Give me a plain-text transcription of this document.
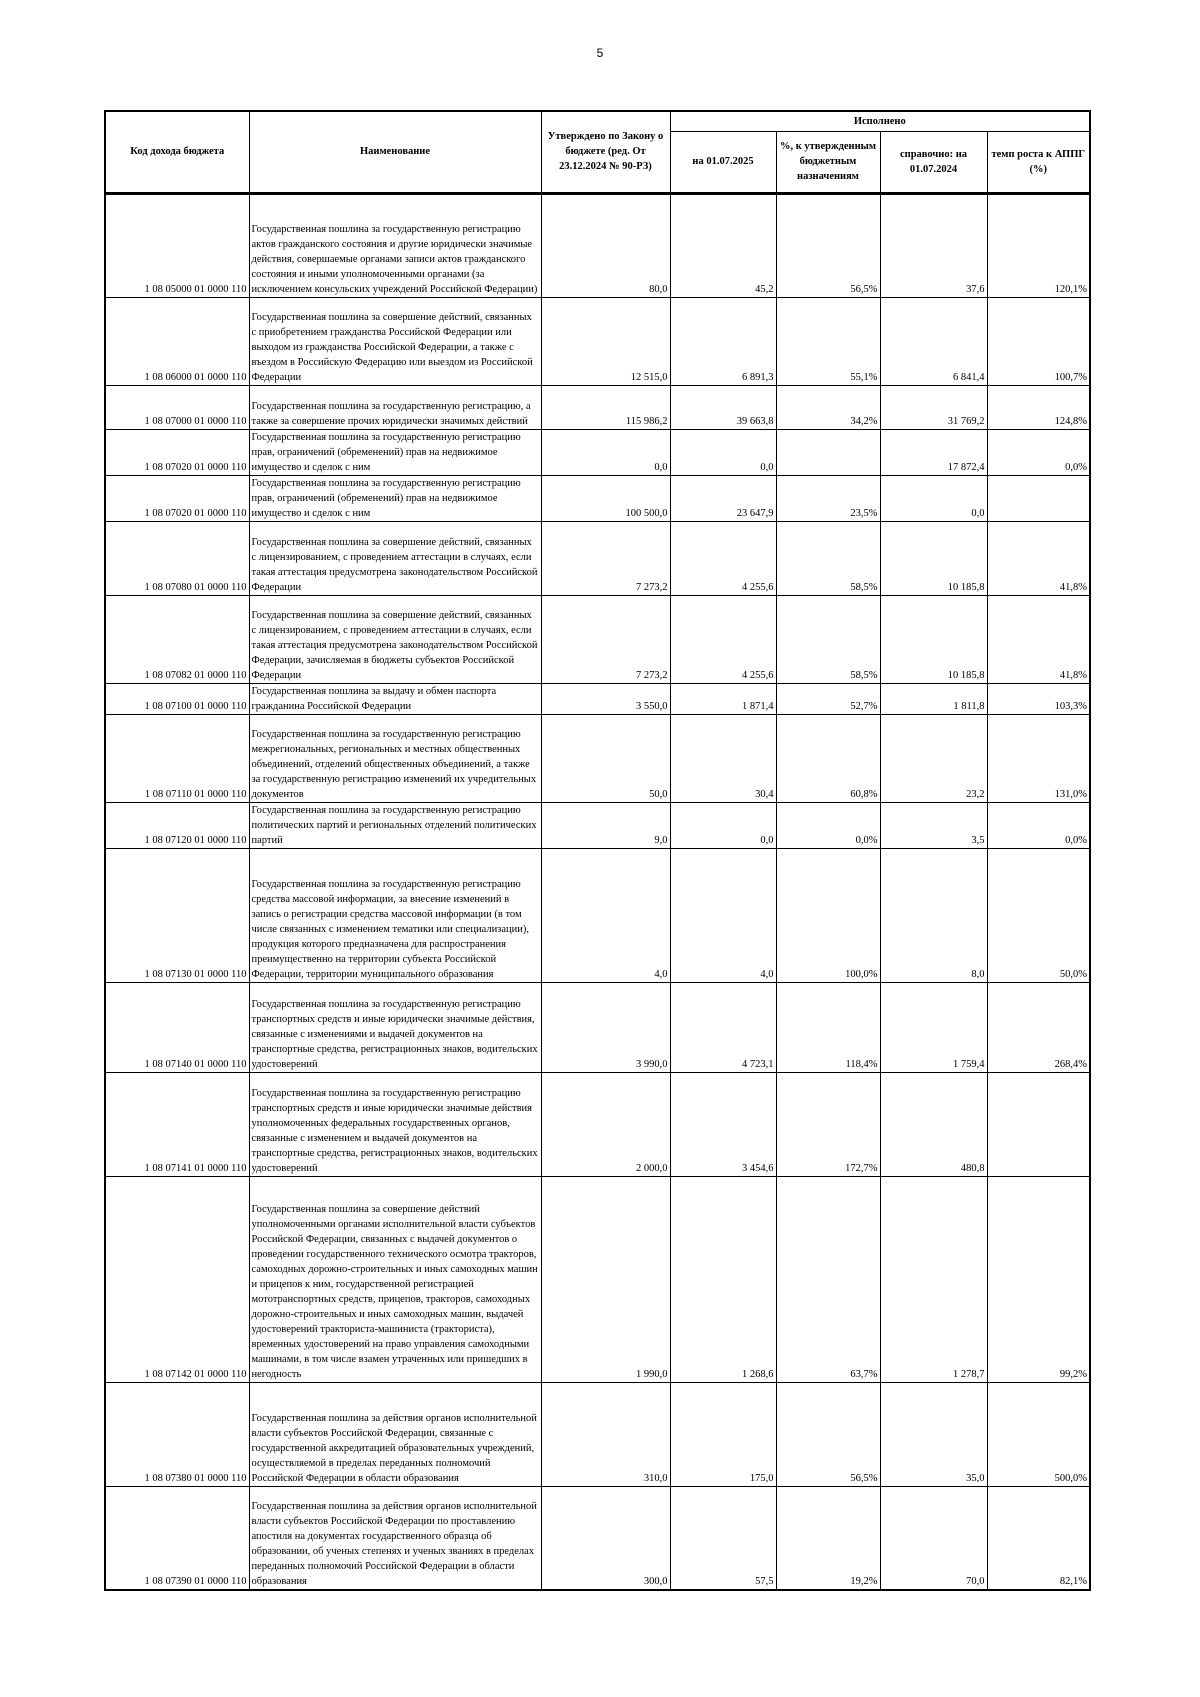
5
Код дохода бюджета	Наименование	Утверждено по Закону о бюджете (ред. От 23.12.2024 № 90-РЗ)	Исполнено			
			на 01.07.2025	%, к утвержденным бюджетным назначениям	справочно: на 01.07.2024	темп роста к АППГ (%)
1 08 05000 01 0000 110	Государственная пошлина за государственную регистрацию актов гражданского состояния и другие юридически значимые действия, совершаемые органами записи актов гражданского состояния и иными уполномоченными органами (за исключением консульских учреждений Российской Федерации)	80,0	45,2	56,5%	37,6	120,1%
1 08 06000 01 0000 110	Государственная пошлина за совершение действий, связанных с приобретением гражданства Российской Федерации или выходом из гражданства Российской Федерации, а также с въездом в Российскую Федерацию или выездом из Российской Федерации	12 515,0	6 891,3	55,1%	6 841,4	100,7%
1 08 07000 01 0000 110	Государственная пошлина за государственную регистрацию, а также за совершение прочих юридически значимых действий	115 986,2	39 663,8	34,2%	31 769,2	124,8%
1 08 07020 01 0000 110	Государственная пошлина за государственную регистрацию прав, ограничений (обременений) прав на недвижимое имущество и сделок с ним	0,0	0,0		17 872,4	0,0%
1 08 07020 01 0000 110	Государственная пошлина за государственную регистрацию прав, ограничений (обременений) прав на недвижимое имущество и сделок с ним	100 500,0	23 647,9	23,5%	0,0	
1 08 07080 01 0000 110	Государственная пошлина за совершение действий, связанных с лицензированием, с проведением аттестации в случаях, если такая аттестация предусмотрена законодательством Российской Федерации	7 273,2	4 255,6	58,5%	10 185,8	41,8%
1 08 07082 01 0000 110	Государственная пошлина за совершение действий, связанных с лицензированием, с проведением аттестации в случаях, если такая аттестация предусмотрена законодательством Российской Федерации, зачисляемая в бюджеты субъектов Российской Федерации	7 273,2	4 255,6	58,5%	10 185,8	41,8%
1 08 07100 01 0000 110	Государственная пошлина за выдачу и обмен паспорта гражданина Российской Федерации	3 550,0	1 871,4	52,7%	1 811,8	103,3%
1 08 07110 01 0000 110	Государственная пошлина за государственную регистрацию межрегиональных, региональных и местных общественных объединений, отделений общественных объединений, а также за государственную регистрацию изменений их учредительных документов	50,0	30,4	60,8%	23,2	131,0%
1 08 07120 01 0000 110	Государственная пошлина за государственную регистрацию политических партий и региональных отделений политических партий	9,0	0,0	0,0%	3,5	0,0%
1 08 07130 01 0000 110	Государственная пошлина за государственную регистрацию средства массовой информации, за внесение изменений в запись о регистрации средства массовой информации (в том числе связанных с изменением тематики или специализации), продукция которого предназначена для распространения преимущественно на территории субъекта Российской Федерации, территории муниципального образования	4,0	4,0	100,0%	8,0	50,0%
1 08 07140 01 0000 110	Государственная пошлина за государственную регистрацию транспортных средств и иные юридически значимые действия, связанные с изменениями и выдачей документов на транспортные средства, регистрационных знаков, водительских удостоверений	3 990,0	4 723,1	118,4%	1 759,4	268,4%
1 08 07141 01 0000 110	Государственная пошлина за государственную регистрацию транспортных средств и иные юридически значимые действия уполномоченных федеральных государственных органов, связанные с изменением и выдачей документов на транспортные средства, регистрационных знаков, водительских удостоверений	2 000,0	3 454,6	172,7%	480,8	
1 08 07142 01 0000 110	Государственная пошлина за совершение действий уполномоченными органами исполнительной власти субъектов Российской Федерации, связанных с выдачей документов о проведении государственного технического осмотра тракторов, самоходных дорожно-строительных и иных самоходных машин и прицепов к ним, государственной регистрацией мототранспортных средств, прицепов, тракторов, самоходных дорожно-строительных и иных самоходных машин, выдачей удостоверений тракториста-машиниста (тракториста), временных удостоверений на право управления самоходными машинами, в том числе взамен утраченных или пришедших в негодность	1 990,0	1 268,6	63,7%	1 278,7	99,2%
1 08 07380 01 0000 110	Государственная пошлина за действия органов исполнительной власти субъектов Российской Федерации, связанные с государственной аккредитацией образовательных учреждений, осуществляемой в пределах переданных полномочий Российской Федерации в области образования	310,0	175,0	56,5%	35,0	500,0%
1 08 07390 01 0000 110	Государственная пошлина за действия органов исполнительной власти субъектов Российской Федерации по проставлению апостиля на документах государственного образца об образовании, об ученых степенях и ученых званиях в пределах переданных полномочий Российской Федерации в области образования	300,0	57,5	19,2%	70,0	82,1%
